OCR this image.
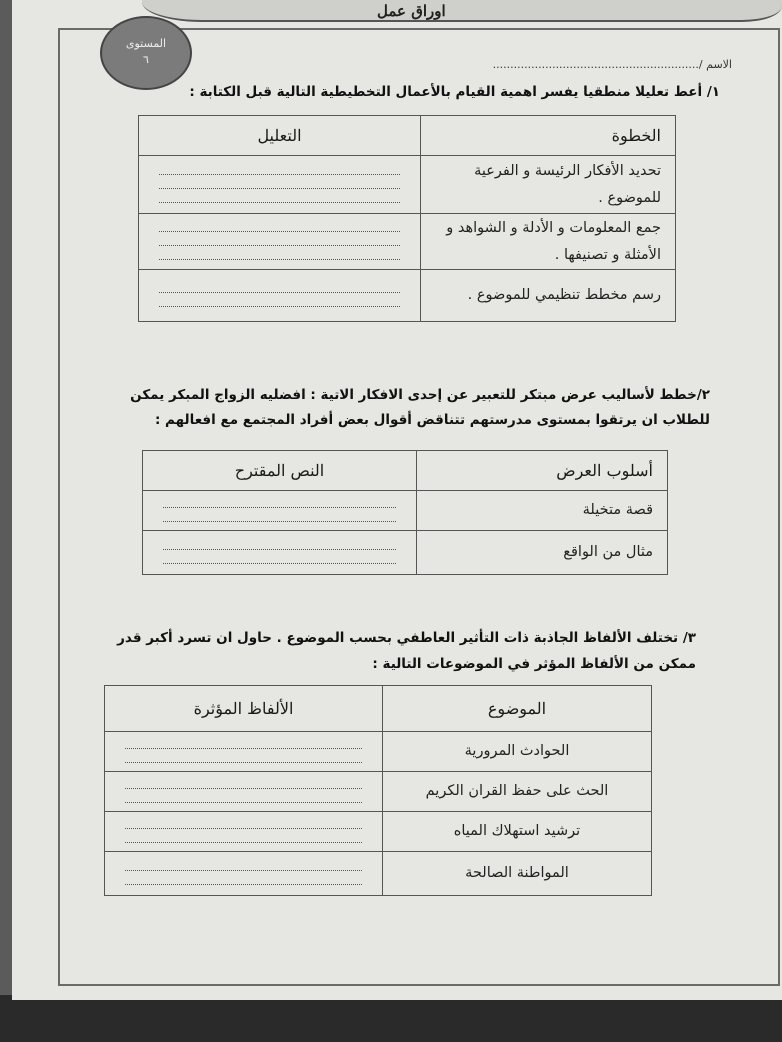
اوراق عمل
المستوى
٦	الاسم /...........................................................
١/ أعط تعليلا منطقيا يفسر اهمية القيام بالأعمال التخطيطية التالية قبل الكتابة :
الخطوة	التعليل
تحديد الأفكار الرئيسة و الفرعية للموضوع .	

جمع المعلومات و الأدلة و الشواهد و الأمثلة و تصنيفها .	

رسم مخطط تنظيمي للموضوع .	
٢/خطط لأساليب عرض مبتكر للتعبير عن إحدى الافكار الاتية : افضليه الزواج المبكر يمكن
للطلاب ان يرتقوا بمستوى مدرستهم تتناقض أقوال بعض أفراد المجتمع مع افعالهم :
أسلوب العرض	النص المقترح
قصة متخيلة	

مثال من الواقع	
٣/ تختلف الألفاظ الجاذبة ذات التأثير العاطفي بحسب الموضوع . حاول ان تسرد أكبر قدر
ممكن من الألفاظ المؤثر في الموضوعات التالية :
الموضوع	الألفاظ المؤثرة
الحوادث المرورية	

الحث على حفظ القران الكريم	

ترشيد استهلاك المياه	

المواطنة الصالحة	
